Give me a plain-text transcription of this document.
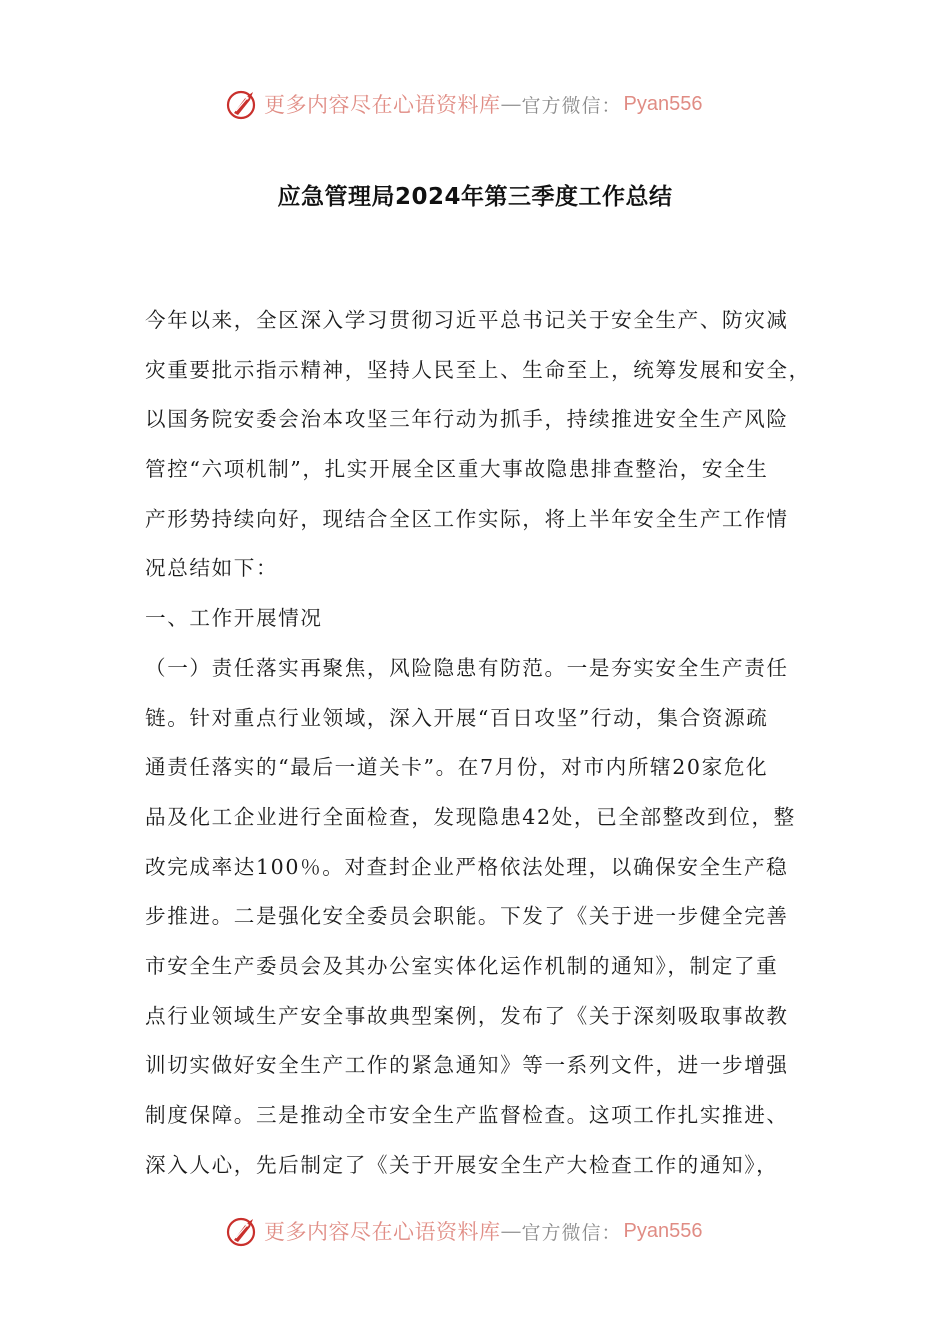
更多内容尽在心语资料库 — 官方微信： Pyan556
应急管理局2024年第三季度工作总结
今年以来，全区深入学习贯彻习近平总书记关于安全生产、防灾减
灾重要批示指示精神，坚持人民至上、生命至上，统筹发展和安全，
以国务院安委会治本攻坚三年行动为抓手，持续推进安全生产风险
管控“六项机制”，扎实开展全区重大事故隐患排查整治，安全生
产形势持续向好，现结合全区工作实际，将上半年安全生产工作情
况总结如下：
一、工作开展情况
（一）责任落实再聚焦，风险隐患有防范。一是夯实安全生产责任
链。针对重点行业领域，深入开展“百日攻坚”行动，集合资源疏
通责任落实的“最后一道关卡”。在7月份，对市内所辖20家危化
品及化工企业进行全面检查，发现隐患42处，已全部整改到位，整
改完成率达100％。对查封企业严格依法处理，以确保安全生产稳
步推进。二是强化安全委员会职能。下发了《关于进一步健全完善
市安全生产委员会及其办公室实体化运作机制的通知》，制定了重
点行业领域生产安全事故典型案例，发布了《关于深刻吸取事故教
训切实做好安全生产工作的紧急通知》等一系列文件，进一步增强
制度保障。三是推动全市安全生产监督检查。这项工作扎实推进、
深入人心，先后制定了《关于开展安全生产大检查工作的通知》，
更多内容尽在心语资料库 — 官方微信： Pyan556
